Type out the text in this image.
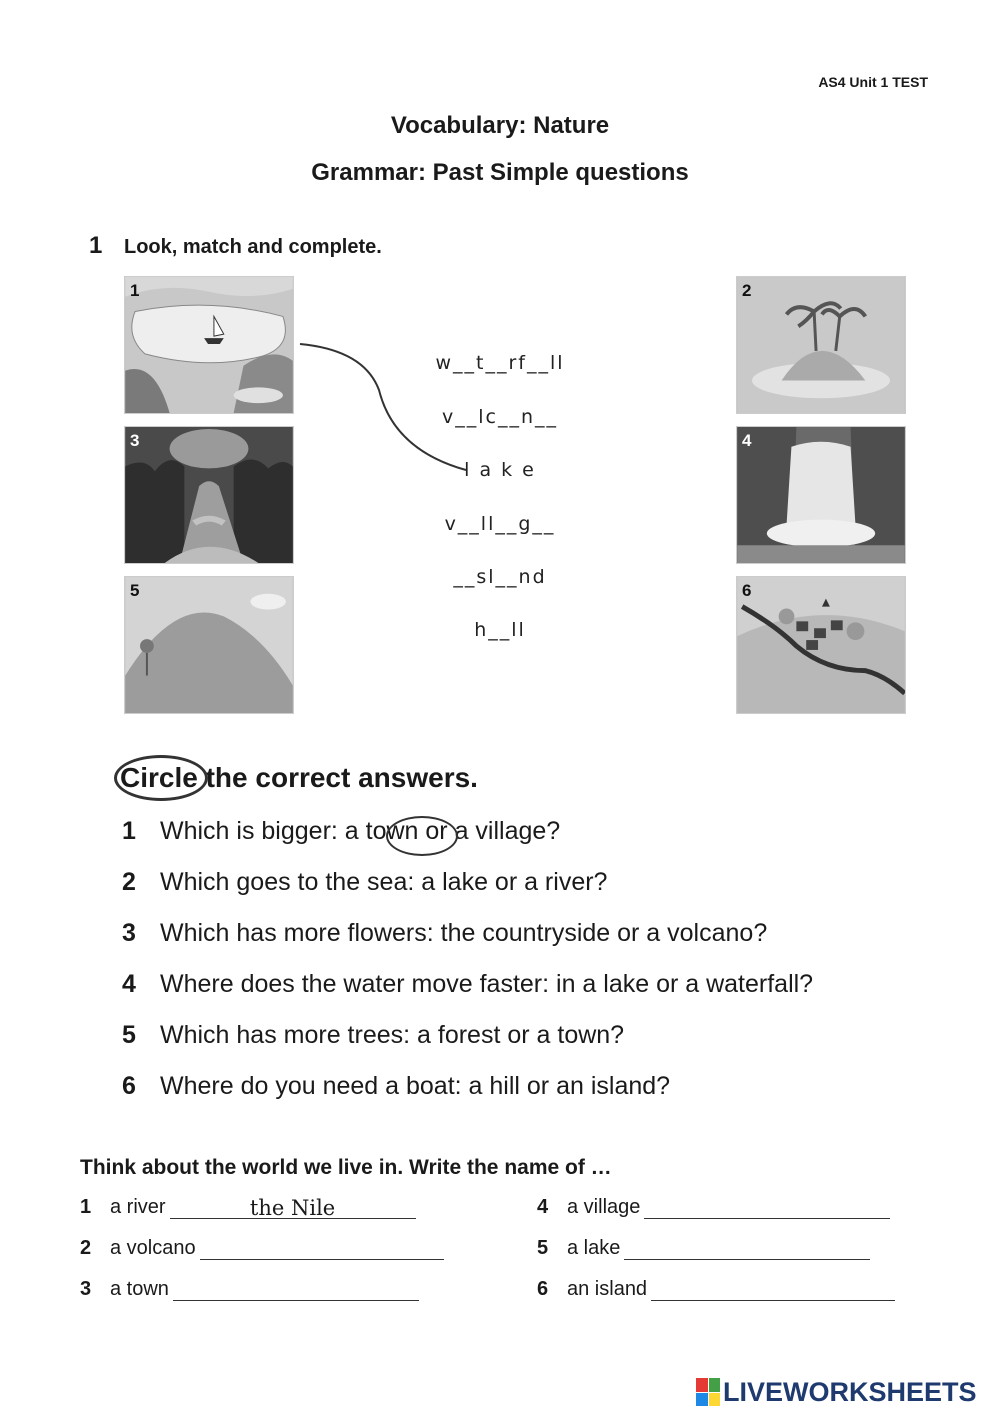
AS4 Unit 1 TEST
Vocabulary: Nature
Grammar: Past Simple questions
1 Look, match and complete.
1
3
5
2
4
6
w__t__rf__ll
v__lc__n__
l a k e
v__ll__g__
__sl__nd
h__ll
Circle the correct answers.
1 Which is bigger: a town or a village?
2 Which goes to the sea: a lake or a river?
3 Which has more flowers: the countryside or a volcano?
4 Where does the water move faster: in a lake or a waterfall?
5 Which has more trees: a forest or a town?
6 Where do you need a boat: a hill or an island?
Think about the world we live in. Write the name of …
1 a river	the Nile
2 a volcano
3 a town
4 a village
5 a lake
6 an island
LIVEWORKSHEETS
